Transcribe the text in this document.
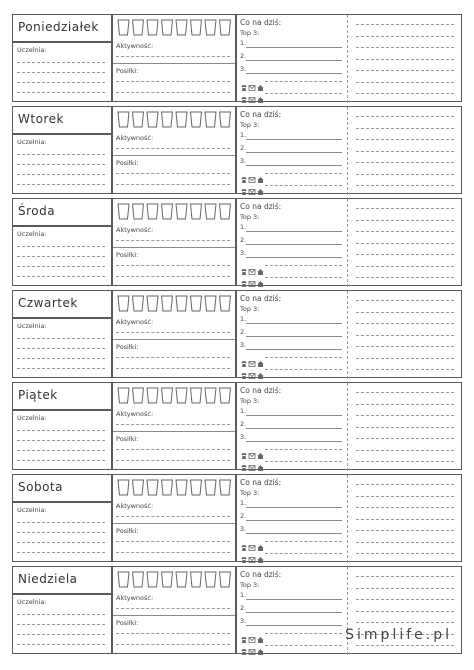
Poniedziałek
Uczelnia:	Aktywność:
Posiłki:
Co na dziś:
Top 3:
1.
2.
3.
Wtorek
Uczelnia:	Aktywność:
Posiłki:
Co na dziś:
Top 3:
1.
2.
3.
Środa
Uczelnia:	Aktywność:
Posiłki:
Co na dziś:
Top 3:
1.
2.
3.
Czwartek
Uczelnia:	Aktywność:
Posiłki:
Co na dziś:
Top 3:
1.
2.
3.
Piątek
Uczelnia:	Aktywność:
Posiłki:
Co na dziś:
Top 3:
1.
2.
3.
Sobota
Uczelnia:	Aktywność:
Posiłki:
Co na dziś:
Top 3:
1.
2.
3.
Niedziela
Uczelnia:	Aktywność:
Posiłki:
Co na dziś:
Top 3:
1.
2.
3.
Simplife.pl
